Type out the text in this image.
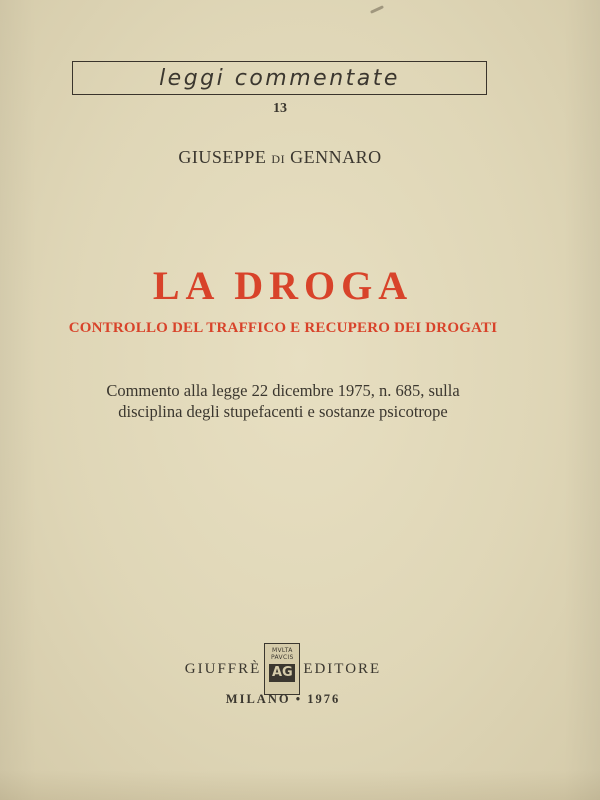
leggi commentate
13
GIUSEPPE DI GENNARO
LA DROGA
CONTROLLO DEL TRAFFICO E RECUPERO DEI DROGATI
Commento alla legge 22 dicembre 1975, n. 685, sulla
disciplina degli stupefacenti e sostanze psicotrope
GIUFFRÈ
MVLTA
PAVCIS
AG EDITORE
MILANO • 1976
